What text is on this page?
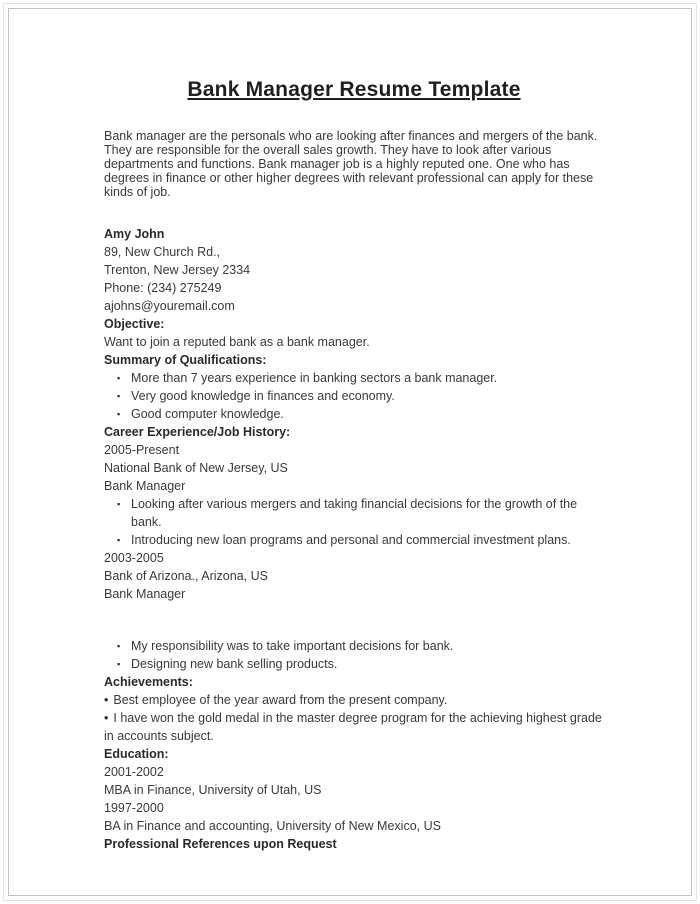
Bank Manager Resume Template

Bank manager are the personals who are looking after finances and mergers of the bank. They are responsible for the overall sales growth. They have to look after various departments and functions. Bank manager job is a highly reputed one. One who has degrees in finance or other higher degrees with relevant professional can apply for these kinds of job.

Amy John
89, New Church Rd.,
Trenton, New Jersey 2334
Phone: (234) 275249
ajohns@youremail.com
Objective:
Want to join a reputed bank as a bank manager.
Summary of Qualifications:
▪ More than 7 years experience in banking sectors a bank manager.
▪ Very good knowledge in finances and economy.
▪ Good computer knowledge.
Career Experience/Job History:
2005-Present
National Bank of New Jersey, US
Bank Manager
▪ Looking after various mergers and taking financial decisions for the growth of the bank.
▪ Introducing new loan programs and personal and commercial investment plans.
2003-2005
Bank of Arizona., Arizona, US
Bank Manager
▪ My responsibility was to take important decisions for bank.
▪ Designing new bank selling products.
Achievements:
• Best employee of the year award from the present company.
• I have won the gold medal in the master degree program for the achieving highest grade in accounts subject.
Education:
2001-2002
MBA in Finance, University of Utah, US
1997-2000
BA in Finance and accounting, University of New Mexico, US
Professional References upon Request
